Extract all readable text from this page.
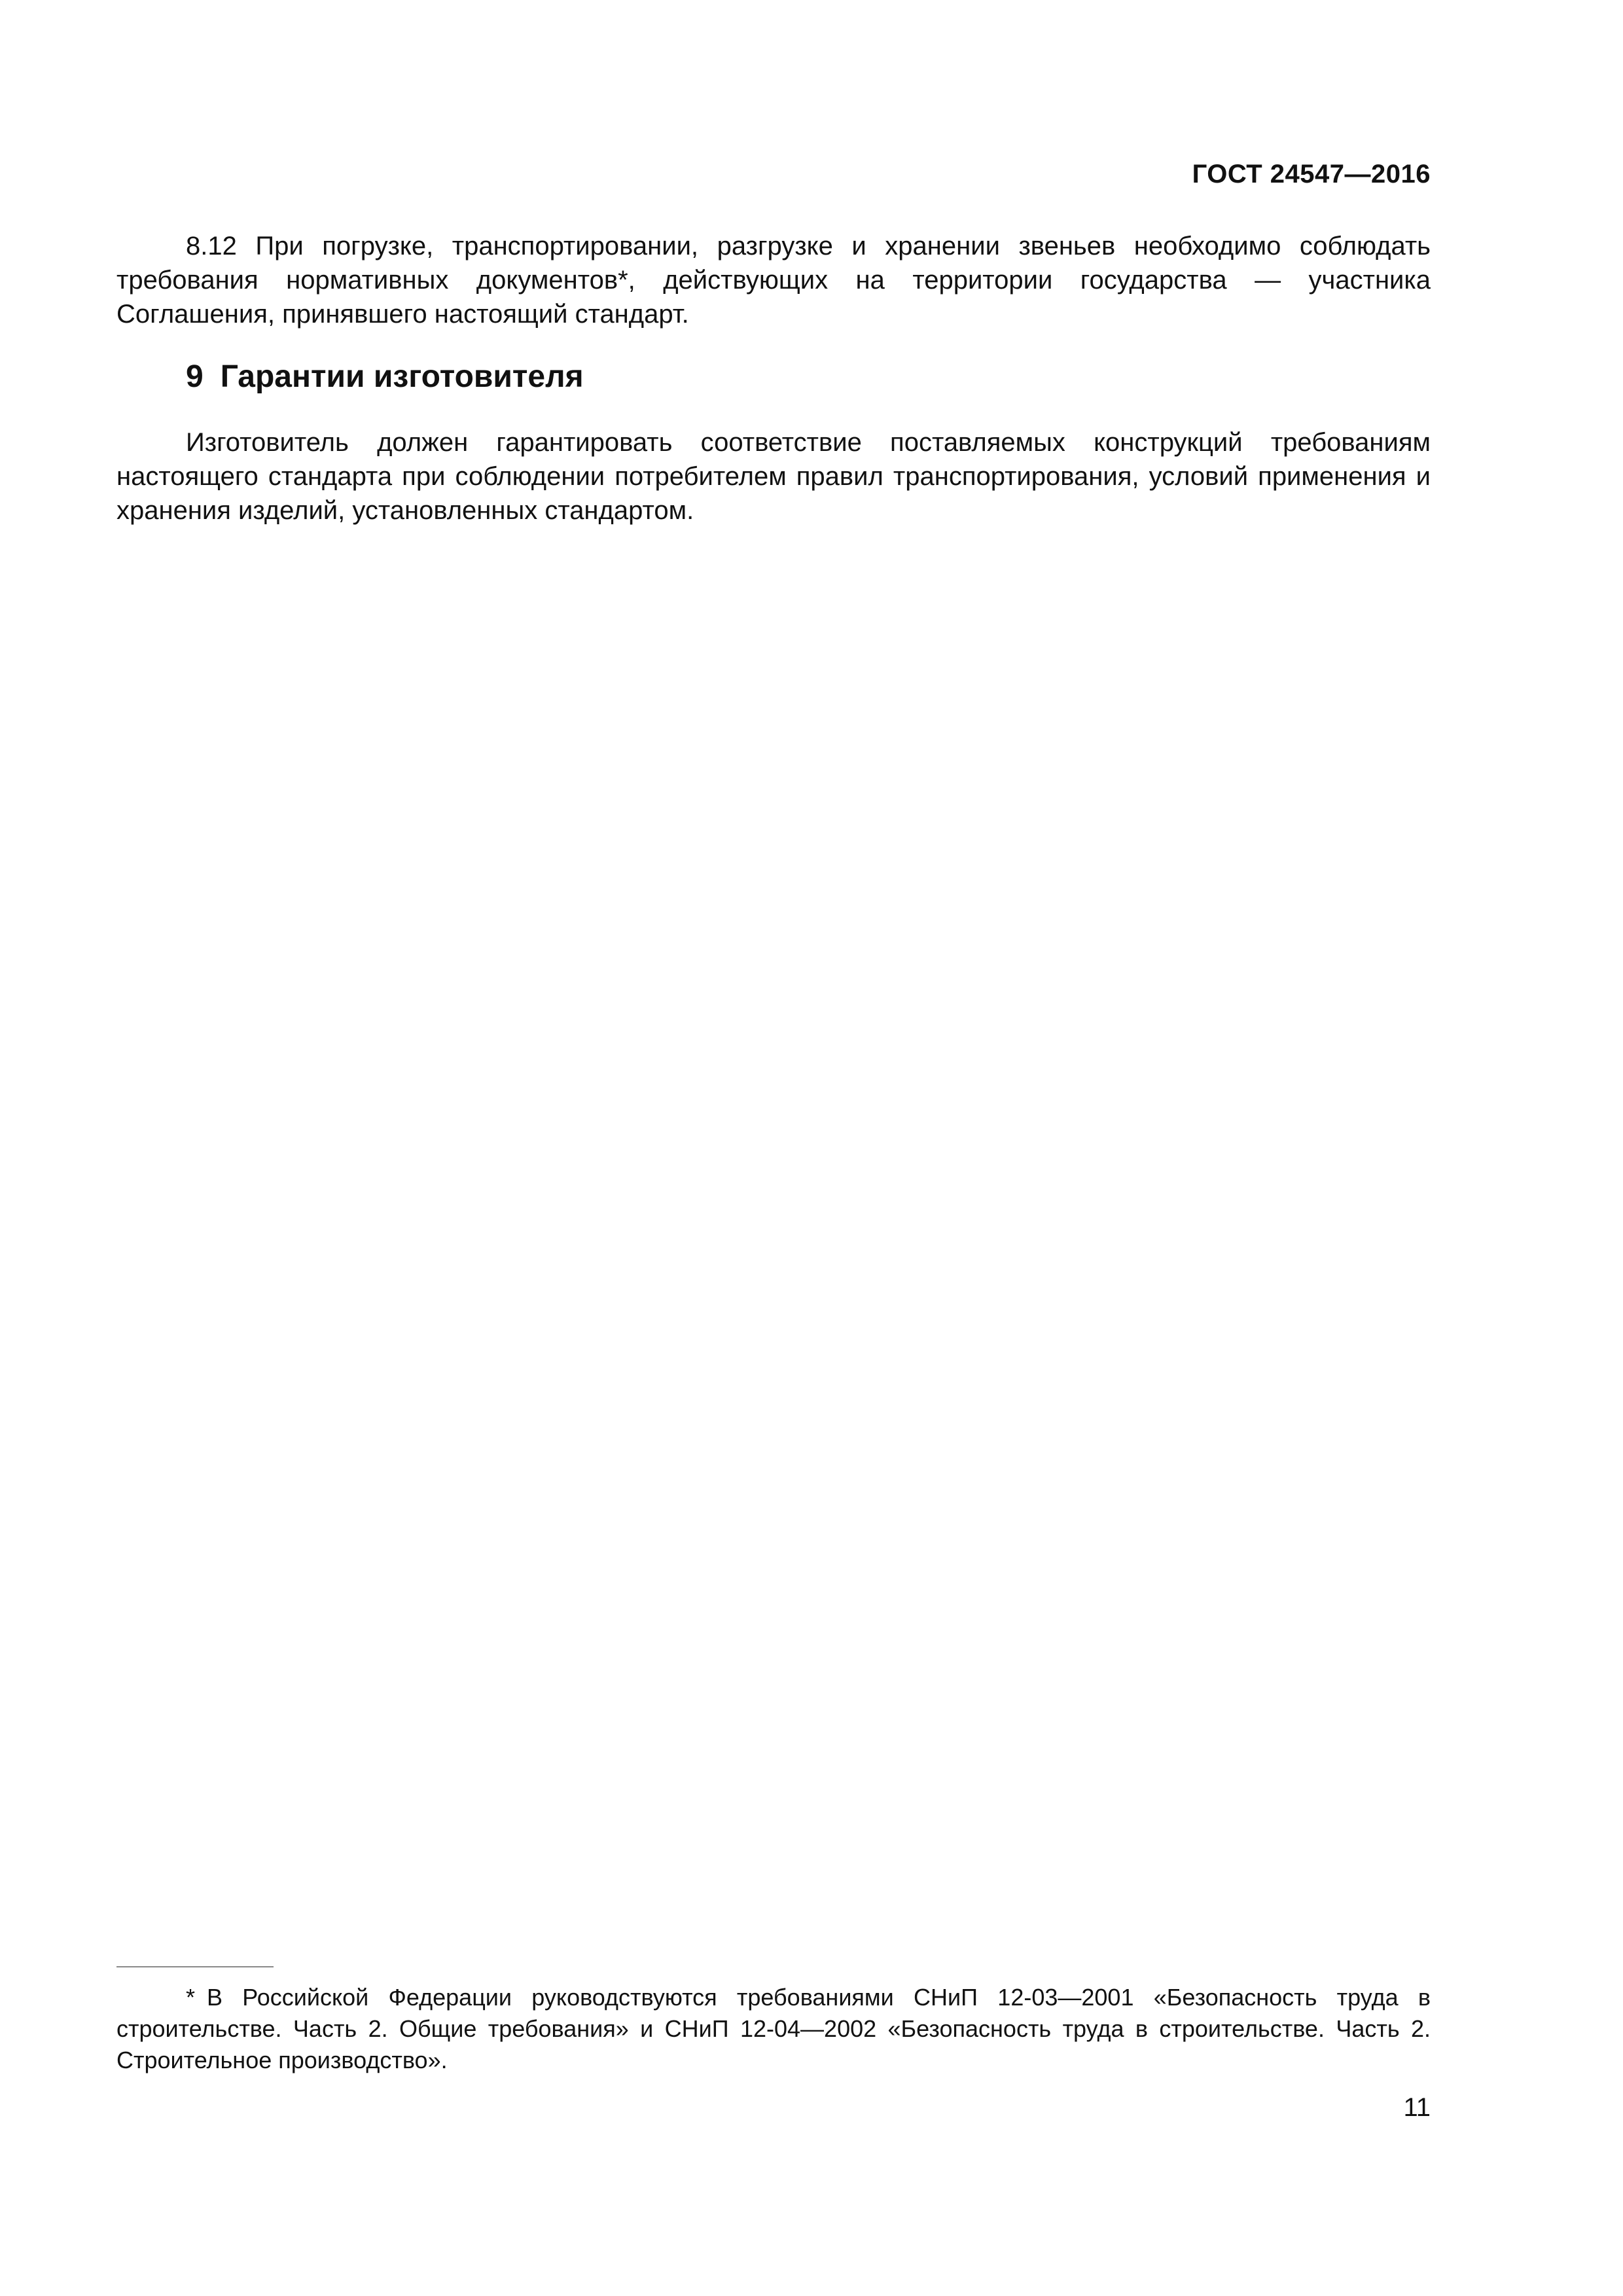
ГОСТ 24547—2016

8.12 При погрузке, транспортировании, разгрузке и хранении звеньев необходимо соблюдать требования нормативных документов*, действующих на территории государства — участника Соглашения, принявшего настоящий стандарт.

9 Гарантии изготовителя

Изготовитель должен гарантировать соответствие поставляемых конструкций требованиям настоящего стандарта при соблюдении потребителем правил транспортирования, условий применения и хранения изделий, установленных стандартом.

* В Российской Федерации руководствуются требованиями СНиП 12-03—2001 «Безопасность труда в строительстве. Часть 2. Общие требования» и СНиП 12-04—2002 «Безопасность труда в строительстве. Часть 2. Строительное производство».

11
